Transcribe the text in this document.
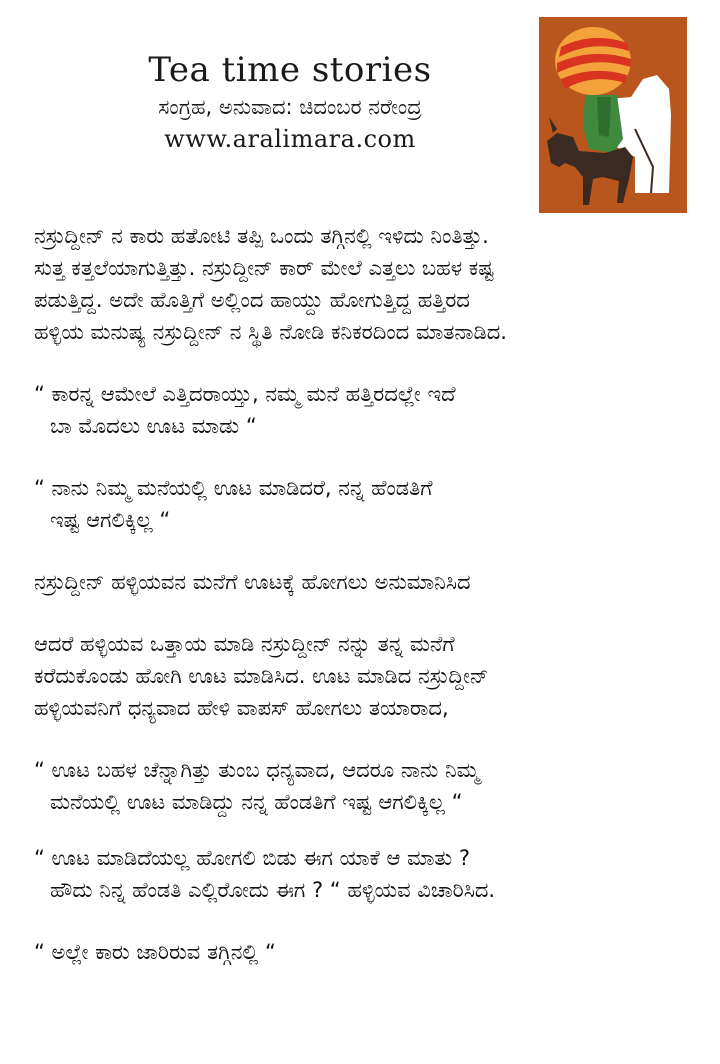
Tea time stories
ಸಂಗ್ರಹ, ಅನುವಾದ: ಚಿದಂಬರ ನರೇಂದ್ರ
www.aralimara.com

ನಸ್ರುದ್ದೀನ್ ನ ಕಾರು ಹತೋಟಿ ತಪ್ಪಿ ಒಂದು ತಗ್ಗಿನಲ್ಲಿ ಇಳಿದು ನಿಂತಿತ್ತು.
ಸುತ್ತ ಕತ್ತಲೆಯಾಗುತ್ತಿತ್ತು. ನಸ್ರುದ್ದೀನ್ ಕಾರ್ ಮೇಲೆ ಎತ್ತಲು ಬಹಳ ಕಷ್ಟ
ಪಡುತ್ತಿದ್ದ. ಅದೇ ಹೊತ್ತಿಗೆ ಅಲ್ಲಿಂದ ಹಾಯ್ದು ಹೋಗುತ್ತಿದ್ದ ಹತ್ತಿರದ
ಹಳ್ಳಿಯ ಮನುಷ್ಯ ನಸ್ರುದ್ದೀನ್ ನ ಸ್ಥಿತಿ ನೋಡಿ ಕನಿಕರದಿಂದ ಮಾತನಾಡಿದ.

“ ಕಾರನ್ನ ಆಮೇಲೆ ಎತ್ತಿದರಾಯ್ತು, ನಮ್ಮ ಮನೆ ಹತ್ತಿರದಲ್ಲೇ ಇದೆ
ಬಾ ಮೊದಲು ಊಟ ಮಾಡು “

“ ನಾನು ನಿಮ್ಮ ಮನೆಯಲ್ಲಿ ಊಟ ಮಾಡಿದರೆ, ನನ್ನ ಹೆಂಡತಿಗೆ
ಇಷ್ಟ ಆಗಲಿಕ್ಕಿಲ್ಲ “

ನಸ್ರುದ್ದೀನ್ ಹಳ್ಳಿಯವನ ಮನೆಗೆ ಊಟಕ್ಕೆ ಹೋಗಲು ಅನುಮಾನಿಸಿದ

ಆದರೆ ಹಳ್ಳಿಯವ ಒತ್ತಾಯ ಮಾಡಿ ನಸ್ರುದ್ದೀನ್ ನನ್ನು ತನ್ನ ಮನೆಗೆ
ಕರೆದುಕೊಂಡು ಹೋಗಿ ಊಟ ಮಾಡಿಸಿದ. ಊಟ ಮಾಡಿದ ನಸ್ರುದ್ದೀನ್
ಹಳ್ಳಿಯವನಿಗೆ ಧನ್ಯವಾದ ಹೇಳಿ ವಾಪಸ್ ಹೋಗಲು ತಯಾರಾದ,

“ ಊಟ ಬಹಳ ಚೆನ್ನಾಗಿತ್ತು ತುಂಬ ಧನ್ಯವಾದ, ಆದರೂ ನಾನು ನಿಮ್ಮ
ಮನೆಯಲ್ಲಿ ಊಟ ಮಾಡಿದ್ದು ನನ್ನ ಹೆಂಡತಿಗೆ ಇಷ್ಟ ಆಗಲಿಕ್ಕಿಲ್ಲ “

“ ಊಟ ಮಾಡಿದೆಯಲ್ಲ ಹೋಗಲಿ ಬಿಡು ಈಗ ಯಾಕೆ ಆ ಮಾತು ?
ಹೌದು ನಿನ್ನ ಹೆಂಡತಿ ಎಲ್ಲಿರೋದು ಈಗ ? “ ಹಳ್ಳಿಯವ ವಿಚಾರಿಸಿದ.

“ ಅಲ್ಲೇ ಕಾರು ಜಾರಿರುವ ತಗ್ಗಿನಲ್ಲಿ “
